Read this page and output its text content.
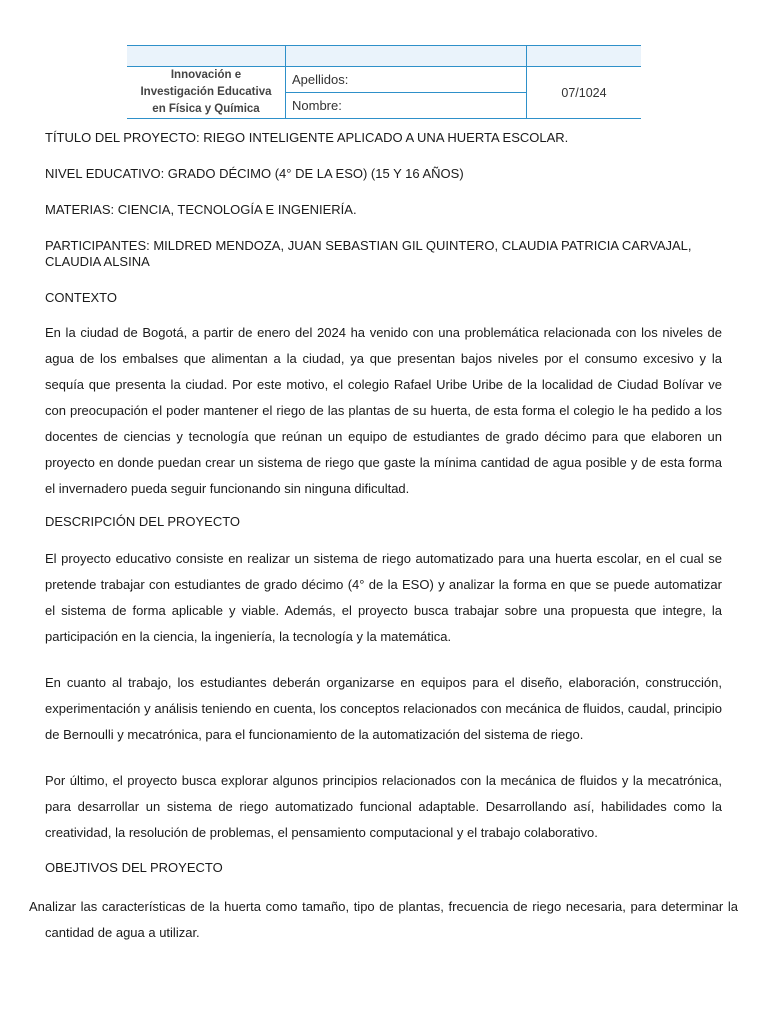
Innovación e Investigación Educativa en Física y Química	Apellidos:	07/1024
	Nombre:	

TÍTULO DEL PROYECTO: RIEGO INTELIGENTE APLICADO A UNA HUERTA ESCOLAR.

NIVEL EDUCATIVO: GRADO DÉCIMO (4° DE LA ESO) (15 Y 16 AÑOS)

MATERIAS: CIENCIA, TECNOLOGÍA E INGENIERÍA.

PARTICIPANTES: MILDRED MENDOZA, JUAN SEBASTIAN GIL QUINTERO, CLAUDIA PATRICIA CARVAJAL, CLAUDIA ALSINA

CONTEXTO

En la ciudad de Bogotá, a partir de enero del 2024 ha venido con una problemática relacionada con los niveles de agua de los embalses que alimentan a la ciudad, ya que presentan bajos niveles por el consumo excesivo y la sequía que presenta la ciudad. Por este motivo, el colegio Rafael Uribe Uribe de la localidad de Ciudad Bolívar ve con preocupación el poder mantener el riego de las plantas de su huerta, de esta forma el colegio le ha pedido a los docentes de ciencias y tecnología que reúnan un equipo de estudiantes de grado décimo para que elaboren un proyecto en donde puedan crear un sistema de riego que gaste la mínima cantidad de agua posible y de esta forma el invernadero pueda seguir funcionando sin ninguna dificultad.

DESCRIPCIÓN DEL PROYECTO

El proyecto educativo consiste en realizar un sistema de riego automatizado para una huerta escolar, en el cual se pretende trabajar con estudiantes de grado décimo (4° de la ESO) y analizar la forma en que se puede automatizar el sistema de forma aplicable y viable. Además, el proyecto busca trabajar sobre una propuesta que integre, la participación en la ciencia, la ingeniería, la tecnología y la matemática.

En cuanto al trabajo, los estudiantes deberán organizarse en equipos para el diseño, elaboración, construcción, experimentación y análisis teniendo en cuenta, los conceptos relacionados con mecánica de fluidos, caudal, principio de Bernoulli y mecatrónica, para el funcionamiento de la automatización del sistema de riego.

Por último, el proyecto busca explorar algunos principios relacionados con la mecánica de fluidos y la mecatrónica, para desarrollar un sistema de riego automatizado funcional adaptable. Desarrollando así, habilidades como la creatividad, la resolución de problemas, el pensamiento computacional y el trabajo colaborativo.

OBEJTIVOS DEL PROYECTO

Analizar las características de la huerta como tamaño, tipo de plantas, frecuencia de riego necesaria, para determinar la cantidad de agua a utilizar.
